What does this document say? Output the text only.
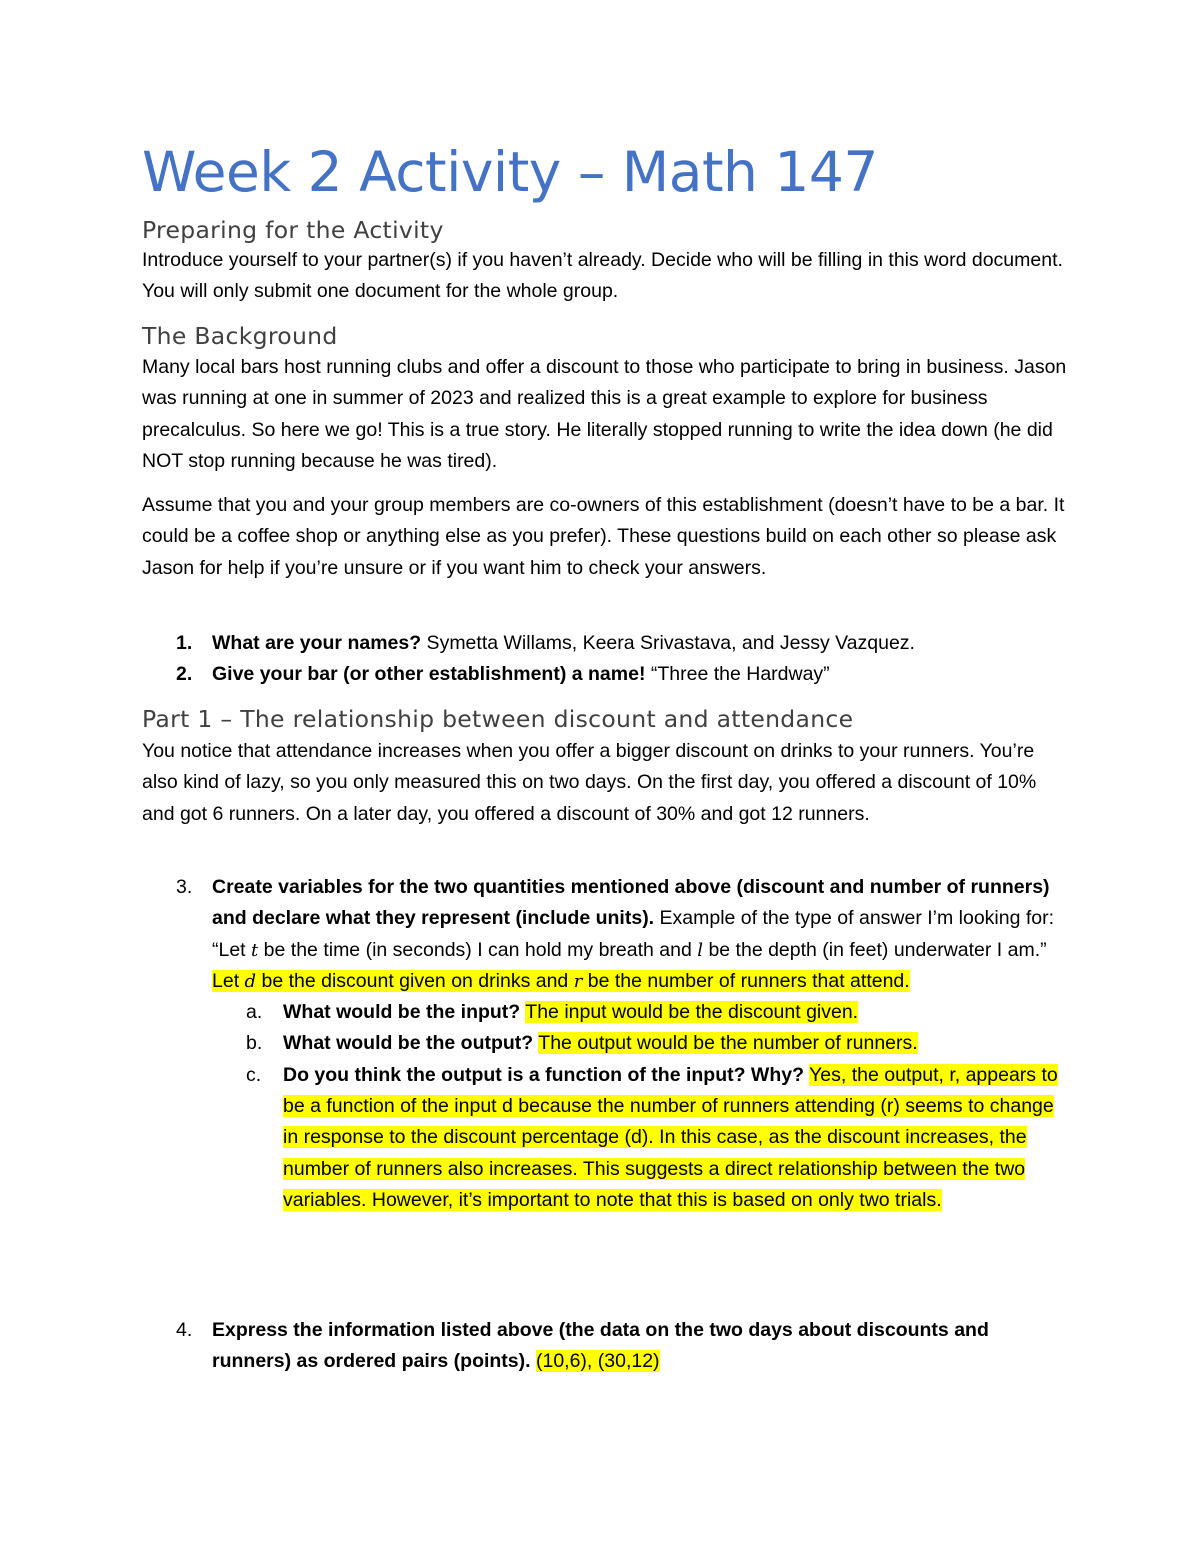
Week 2 Activity – Math 147
Preparing for the Activity

Introduce yourself to your partner(s) if you haven’t already. Decide who will be filling in this word document. You will only submit one document for the whole group.

The Background

Many local bars host running clubs and offer a discount to those who participate to bring in business. Jason was running at one in summer of 2023 and realized this is a great example to explore for business precalculus. So here we go! This is a true story. He literally stopped running to write the idea down (he did NOT stop running because he was tired).

Assume that you and your group members are co-owners of this establishment (doesn’t have to be a bar. It could be a coffee shop or anything else as you prefer). These questions build on each other so please ask Jason for help if you’re unsure or if you want him to check your answers.

1. What are your names? Symetta Willams, Keera Srivastava, and Jessy Vazquez.
2. Give your bar (or other establishment) a name! “Three the Hardway”
Part 1 – The relationship between discount and attendance

You notice that attendance increases when you offer a bigger discount on drinks to your runners. You’re also kind of lazy, so you only measured this on two days. On the first day, you offered a discount of 10% and got 6 runners. On a later day, you offered a discount of 30% and got 12 runners.

3. Create variables for the two quantities mentioned above (discount and number of runners) and declare what they represent (include units). Example of the type of answer I’m looking for: “Let t be the time (in seconds) I can hold my breath and l be the depth (in feet) underwater I am.” Let d be the discount given on drinks and r be the number of runners that attend.
a. What would be the input? The input would be the discount given.
b. What would be the output? The output would be the number of runners.
c. Do you think the output is a function of the input? Why? Yes, the output, r, appears to be a function of the input d because the number of runners attending (r) seems to change in response to the discount percentage (d). In this case, as the discount increases, the number of runners also increases. This suggests a direct relationship between the two variables. However, it’s important to note that this is based on only two trials.
4. Express the information listed above (the data on the two days about discounts and runners) as ordered pairs (points). (10,6), (30,12)
